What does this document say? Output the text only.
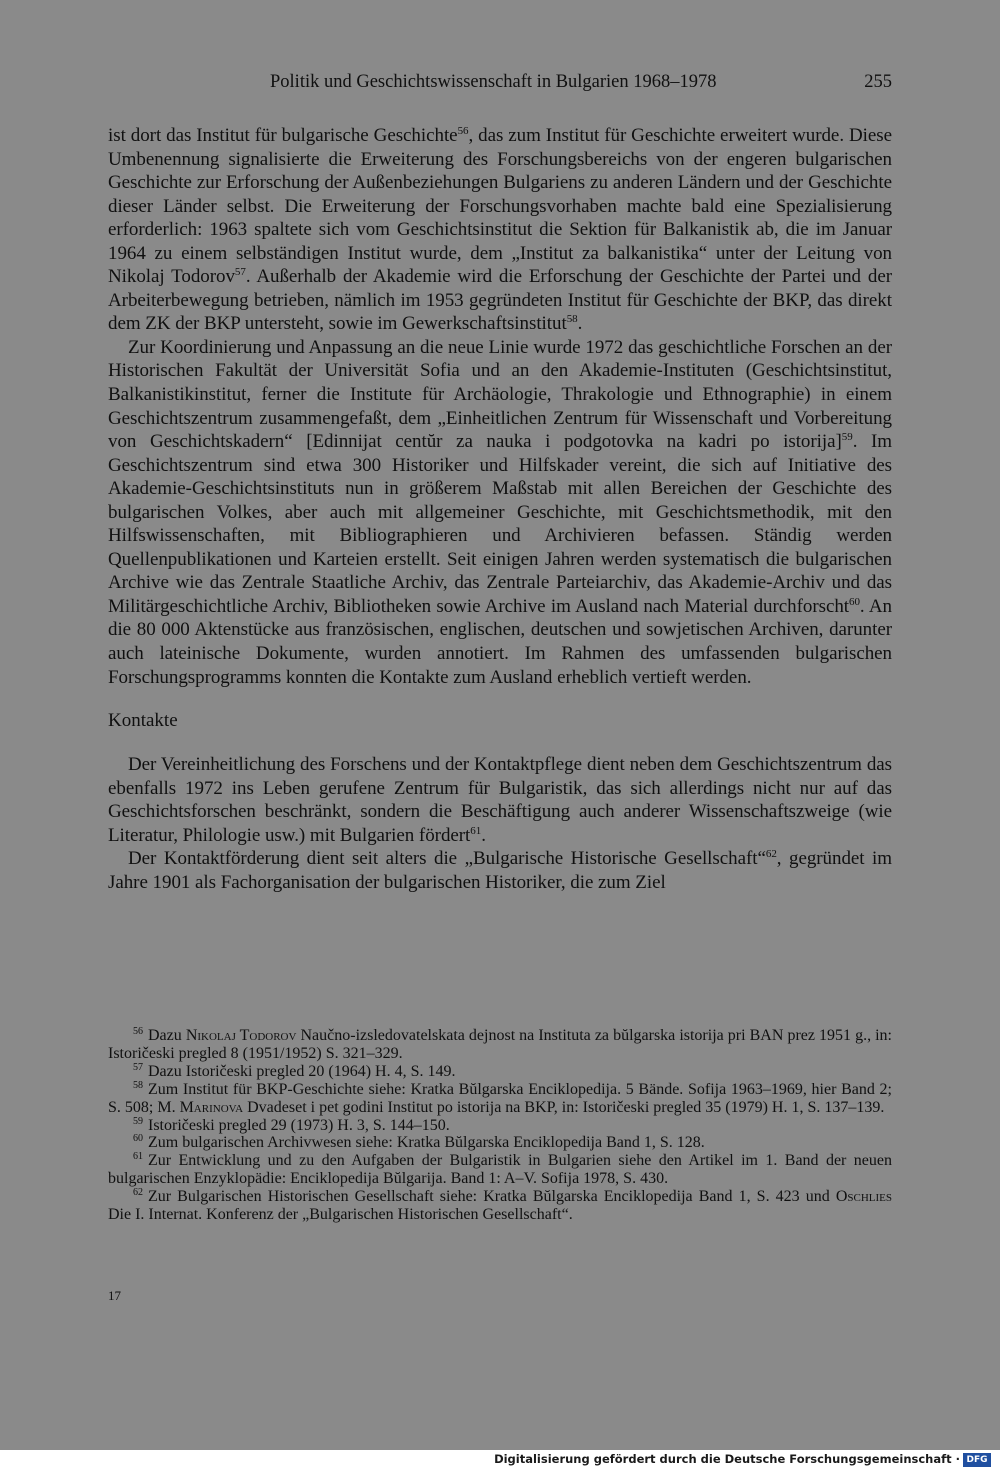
Politik und Geschichtswissenschaft in Bulgarien 1968–1978	255

ist dort das Institut für bulgarische Geschichte$^{56}$, das zum Institut für Geschichte erweitert wurde. Diese Umbenennung signalisierte die Erweiterung des Forschungsbereichs von der engeren bulgarischen Geschichte zur Erforschung der Außenbeziehungen Bulgariens zu anderen Ländern und der Geschichte dieser Länder selbst. Die Erweiterung der Forschungsvorhaben machte bald eine Spezialisierung erforderlich: 1963 spaltete sich vom Geschichtsinstitut die Sektion für Balkanistik ab, die im Januar 1964 zu einem selbständigen Institut wurde, dem „Institut za balkanistika“ unter der Leitung von Nikolaj Todorov$^{57}$. Außerhalb der Akademie wird die Erforschung der Geschichte der Partei und der Arbeiterbewegung betrieben, nämlich im 1953 gegründeten Institut für Geschichte der BKP, das direkt dem ZK der BKP untersteht, sowie im Gewerkschaftsinstitut$^{58}$.

Zur Koordinierung und Anpassung an die neue Linie wurde 1972 das geschichtliche Forschen an der Historischen Fakultät der Universität Sofia und an den Akademie-Instituten (Geschichtsinstitut, Balkanistikinstitut, ferner die Institute für Archäologie, Thrakologie und Ethnographie) in einem Geschichtszentrum zusammengefaßt, dem „Einheitlichen Zentrum für Wissenschaft und Vorbereitung von Geschichtskadern“ [Edinnijat centŭr za nauka i podgotovka na kadri po istorija]$^{59}$. Im Geschichtszentrum sind etwa 300 Historiker und Hilfskader vereint, die sich auf Initiative des Akademie-Geschichtsinstituts nun in größerem Maßstab mit allen Bereichen der Geschichte des bulgarischen Volkes, aber auch mit allgemeiner Geschichte, mit Geschichtsmethodik, mit den Hilfswissenschaften, mit Bibliographieren und Archivieren befassen. Ständig werden Quellenpublikationen und Karteien erstellt. Seit einigen Jahren werden systematisch die bulgarischen Archive wie das Zentrale Staatliche Archiv, das Zentrale Parteiarchiv, das Akademie-Archiv und das Militärgeschichtliche Archiv, Bibliotheken sowie Archive im Ausland nach Material durchforscht$^{60}$. An die 80 000 Aktenstücke aus französischen, englischen, deutschen und sowjetischen Archiven, darunter auch lateinische Dokumente, wurden annotiert. Im Rahmen des umfassenden bulgarischen Forschungsprogramms konnten die Kontakte zum Ausland erheblich vertieft werden.

Kontakte

Der Vereinheitlichung des Forschens und der Kontaktpflege dient neben dem Geschichtszentrum das ebenfalls 1972 ins Leben gerufene Zentrum für Bulgaristik, das sich allerdings nicht nur auf das Geschichtsforschen beschränkt, sondern die Beschäftigung auch anderer Wissenschaftszweige (wie Literatur, Philologie usw.) mit Bulgarien fördert$^{61}$.

Der Kontaktförderung dient seit alters die „Bulgarische Historische Gesellschaft“$^{62}$, gegründet im Jahre 1901 als Fachorganisation der bulgarischen Historiker, die zum Ziel

$^{56}$ Dazu Nikolaj Todorov Naučno-izsledovatelskata dejnost na Instituta za bŭlgarska istorija pri BAN prez 1951 g., in: Istoričeski pregled 8 (1951/1952) S. 321–329.

$^{57}$ Dazu Istoričeski pregled 20 (1964) H. 4, S. 149.

$^{58}$ Zum Institut für BKP-Geschichte siehe: Kratka Bŭlgarska Enciklopedija. 5 Bände. Sofija 1963–1969, hier Band 2; S. 508; M. Marinova Dvadeset i pet godini Institut po istorija na BKP, in: Istoričeski pregled 35 (1979) H. 1, S. 137–139.

$^{59}$ Istoričeski pregled 29 (1973) H. 3, S. 144–150.

$^{60}$ Zum bulgarischen Archivwesen siehe: Kratka Bŭlgarska Enciklopedija Band 1, S. 128.

$^{61}$ Zur Entwicklung und zu den Aufgaben der Bulgaristik in Bulgarien siehe den Artikel im 1. Band der neuen bulgarischen Enzyklopädie: Enciklopedija Bŭlgarija. Band 1: A–V. Sofija 1978, S. 430.

$^{62}$ Zur Bulgarischen Historischen Gesellschaft siehe: Kratka Bŭlgarska Enciklopedija Band 1, S. 423 und Oschlies Die I. Internat. Konferenz der „Bulgarischen Historischen Gesellschaft“.

17
Digitalisierung gefördert durch die Deutsche Forschungsgemeinschaft · DFG
